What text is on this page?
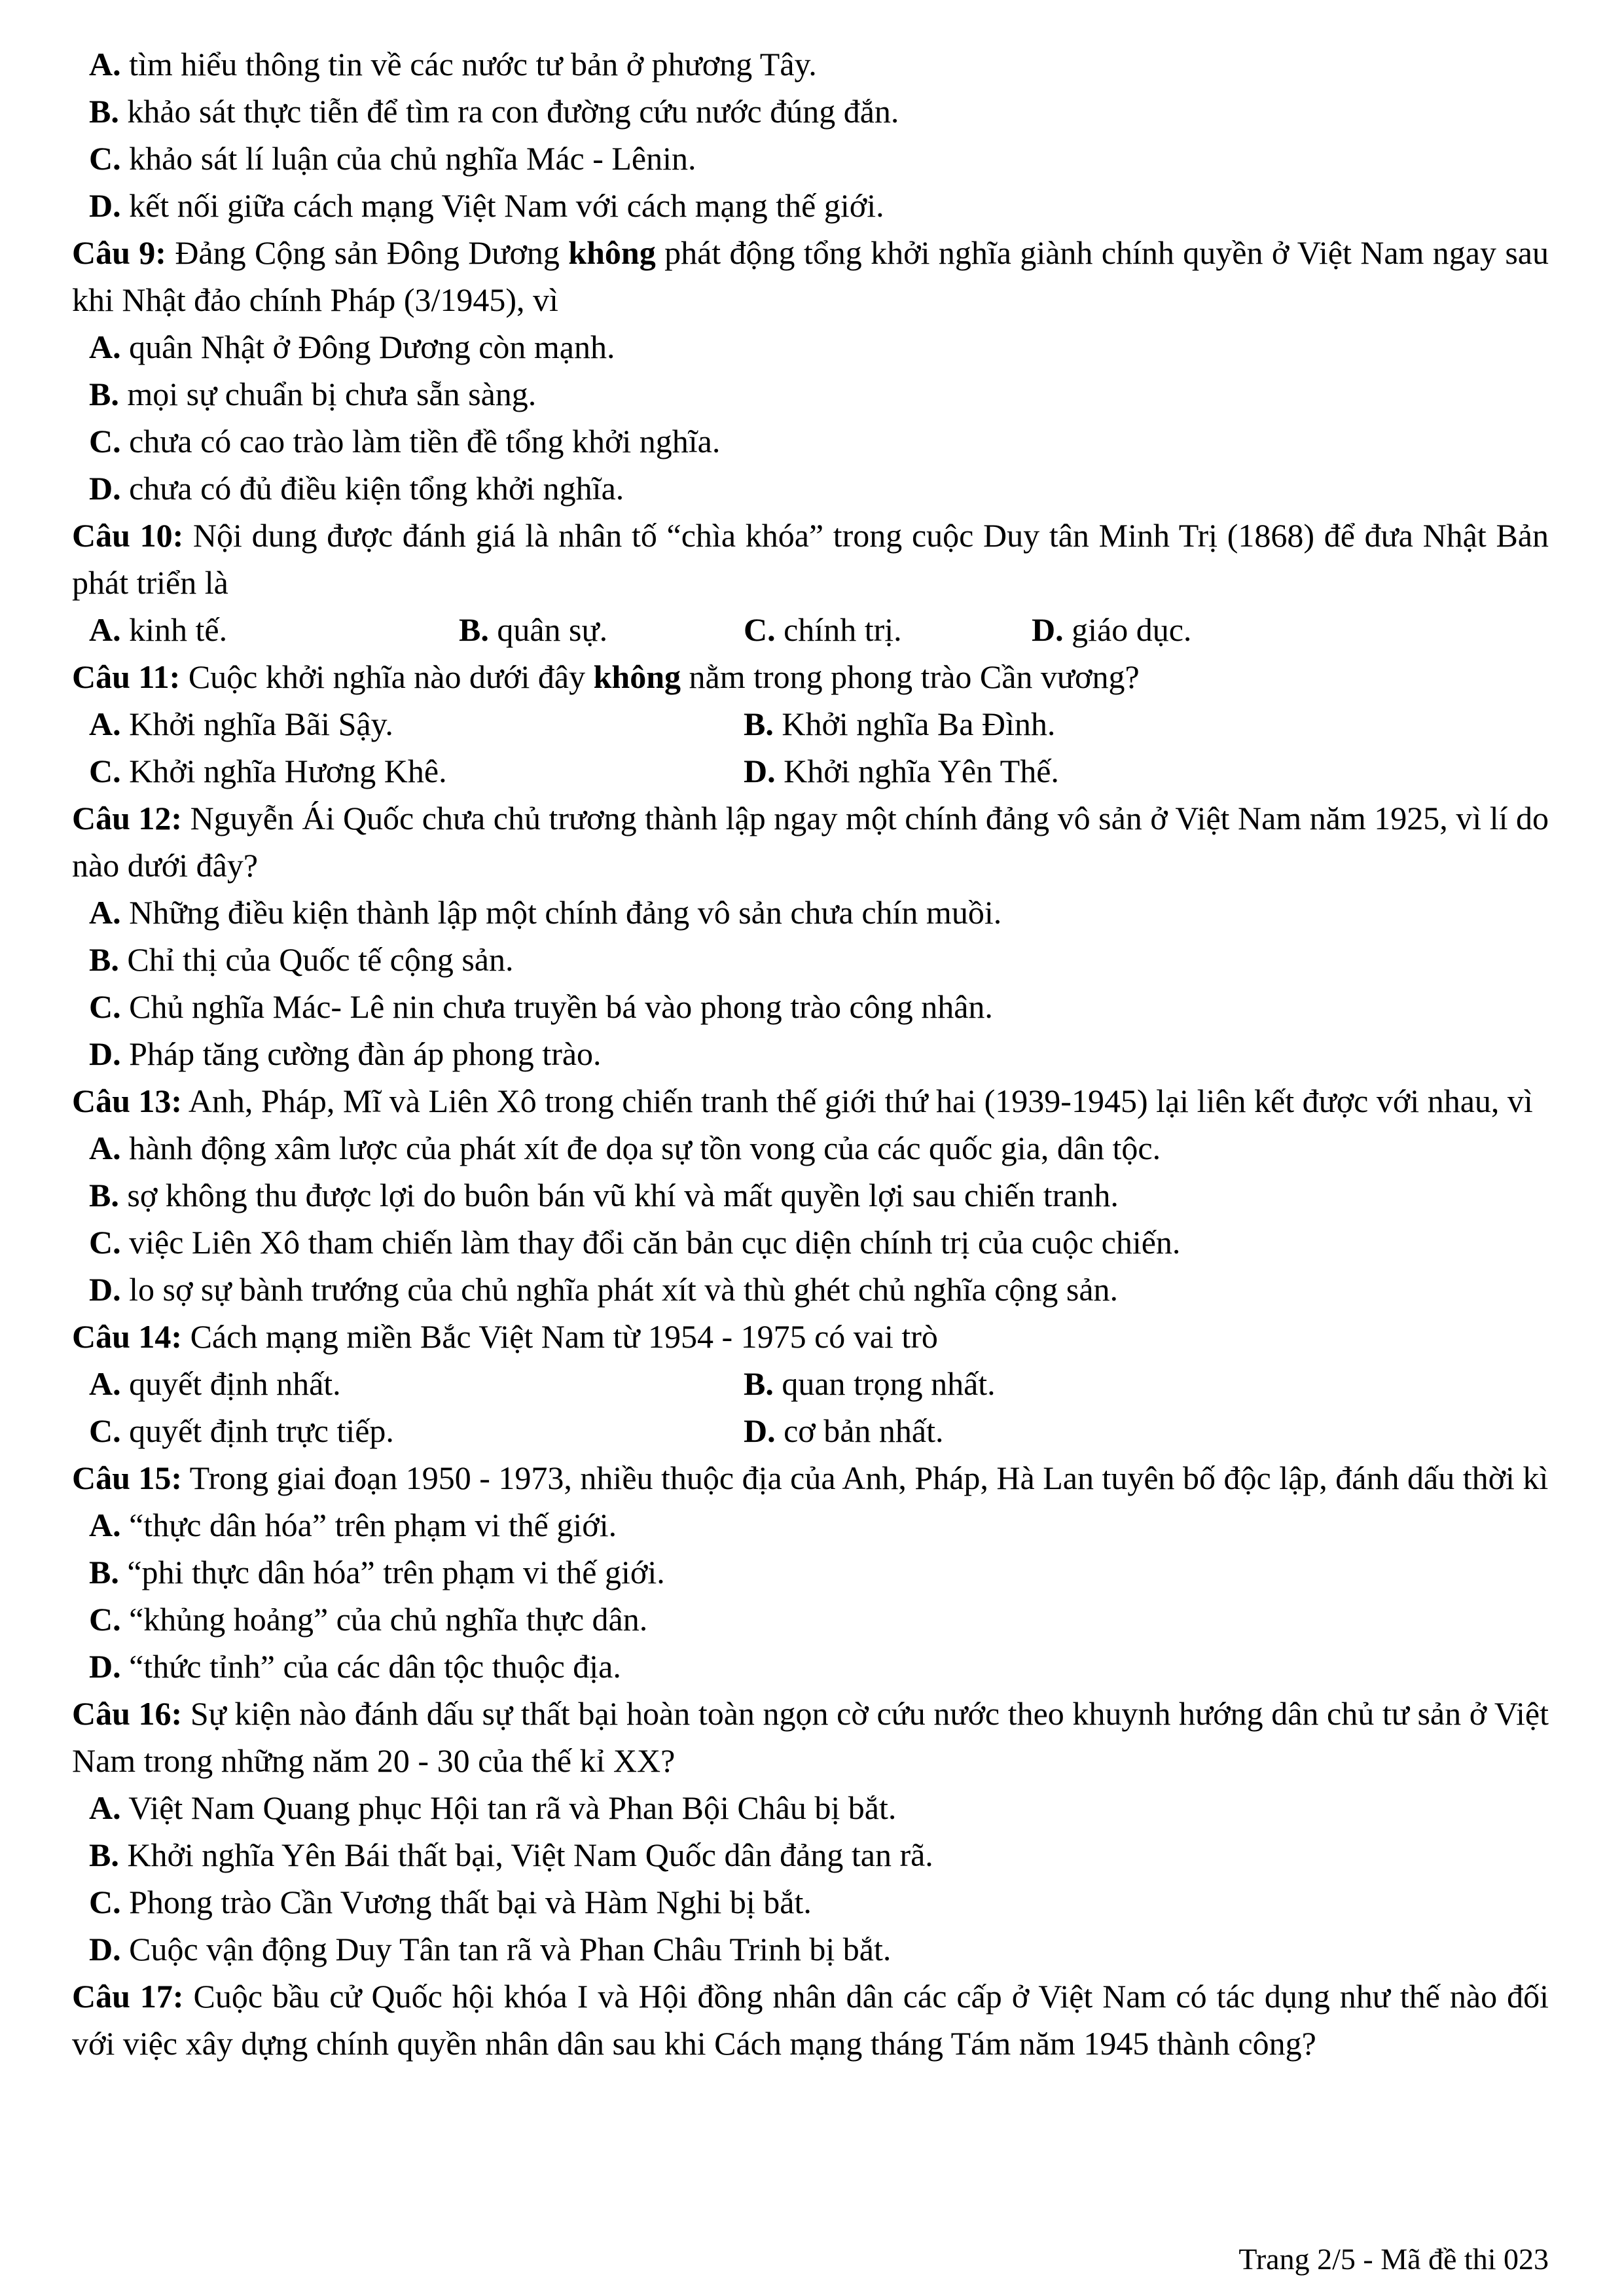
A. tìm hiểu thông tin về các nước tư bản ở phương Tây.
B. khảo sát thực tiễn để tìm ra con đường cứu nước đúng đắn.
C. khảo sát lí luận của chủ nghĩa Mác - Lênin.
D. kết nối giữa cách mạng Việt Nam với cách mạng thế giới.

Câu 9: Đảng Cộng sản Đông Dương không phát động tổng khởi nghĩa giành chính quyền ở Việt Nam ngay sau khi Nhật đảo chính Pháp (3/1945), vì

A. quân Nhật ở Đông Dương còn mạnh.
B. mọi sự chuẩn bị chưa sẵn sàng.
C. chưa có cao trào làm tiền đề tổng khởi nghĩa.
D. chưa có đủ điều kiện tổng khởi nghĩa.

Câu 10: Nội dung được đánh giá là nhân tố “chìa khóa” trong cuộc Duy tân Minh Trị (1868) để đưa Nhật Bản phát triển là

A. kinh tế.	B. quân sự.	C. chính trị.	D. giáo dục.

Câu 11: Cuộc khởi nghĩa nào dưới đây không nằm trong phong trào Cần vương?

A. Khởi nghĩa Bãi Sậy.	B. Khởi nghĩa Ba Đình.
C. Khởi nghĩa Hương Khê.	D. Khởi nghĩa Yên Thế.

Câu 12: Nguyễn Ái Quốc chưa chủ trương thành lập ngay một chính đảng vô sản ở Việt Nam năm 1925, vì lí do nào dưới đây?

A. Những điều kiện thành lập một chính đảng vô sản chưa chín muồi.
B. Chỉ thị của Quốc tế cộng sản.
C. Chủ nghĩa Mác- Lê nin chưa truyền bá vào phong trào công nhân.
D. Pháp tăng cường đàn áp phong trào.

Câu 13: Anh, Pháp, Mĩ và Liên Xô trong chiến tranh thế giới thứ hai (1939-1945) lại liên kết được với nhau, vì

A. hành động xâm lược của phát xít đe dọa sự tồn vong của các quốc gia, dân tộc.
B. sợ không thu được lợi do buôn bán vũ khí và mất quyền lợi sau chiến tranh.
C. việc Liên Xô tham chiến làm thay đổi căn bản cục diện chính trị của cuộc chiến.
D. lo sợ sự bành trướng của chủ nghĩa phát xít và thù ghét chủ nghĩa cộng sản.

Câu 14: Cách mạng miền Bắc Việt Nam từ 1954 - 1975 có vai trò

A. quyết định nhất.	B. quan trọng nhất.
C. quyết định trực tiếp.	D. cơ bản nhất.

Câu 15: Trong giai đoạn 1950 - 1973, nhiều thuộc địa của Anh, Pháp, Hà Lan tuyên bố độc lập, đánh dấu thời kì

A. “thực dân hóa” trên phạm vi thế giới.
B. “phi thực dân hóa” trên phạm vi thế giới.
C. “khủng hoảng” của chủ nghĩa thực dân.
D. “thức tỉnh” của các dân tộc thuộc địa.

Câu 16: Sự kiện nào đánh dấu sự thất bại hoàn toàn ngọn cờ cứu nước theo khuynh hướng dân chủ tư sản ở Việt Nam trong những năm 20 - 30 của thế kỉ XX?

A. Việt Nam Quang phục Hội tan rã và Phan Bội Châu bị bắt.
B. Khởi nghĩa Yên Bái thất bại, Việt Nam Quốc dân đảng tan rã.
C. Phong trào Cần Vương thất bại và Hàm Nghi bị bắt.
D. Cuộc vận động Duy Tân tan rã và Phan Châu Trinh bị bắt.

Câu 17: Cuộc bầu cử Quốc hội khóa I và Hội đồng nhân dân các cấp ở Việt Nam có tác dụng như thế nào đối với việc xây dựng chính quyền nhân dân sau khi Cách mạng tháng Tám năm 1945 thành công?

Trang 2/5 - Mã đề thi 023
